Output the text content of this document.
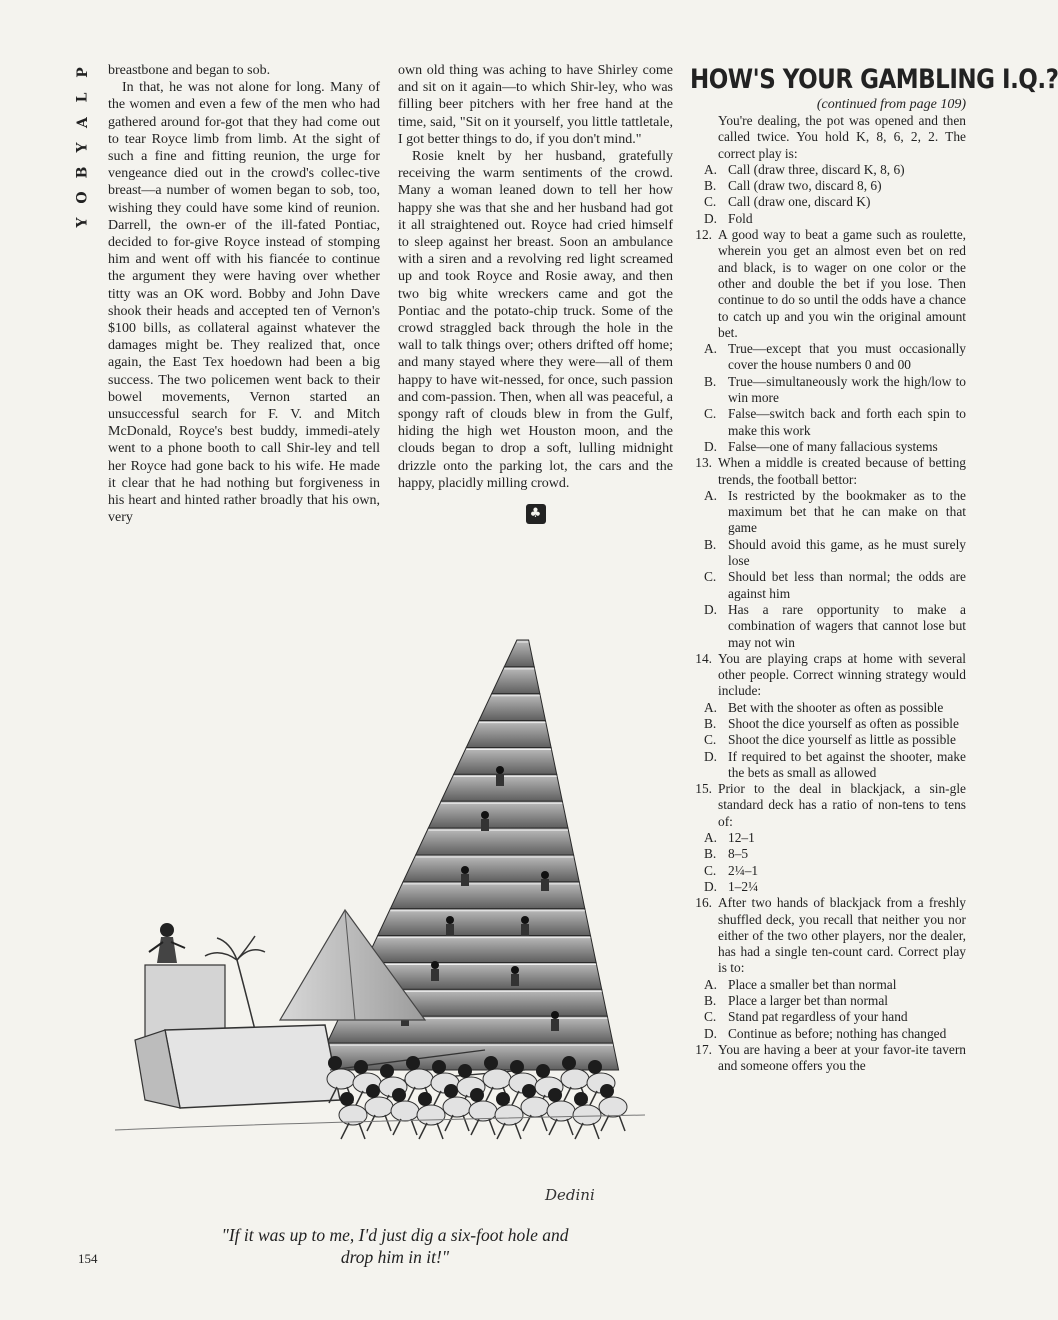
P
L
A
Y
B
O
Y

breastbone and began to sob.

In that, he was not alone for long. Many of the women and even a few of the men who had gathered around for-got that they had come out to tear Royce limb from limb. At the sight of such a fine and fitting reunion, the urge for vengeance died out in the crowd's collec-tive breast—a number of women began to sob, too, wishing they could have some kind of reunion. Darrell, the own-er of the ill-fated Pontiac, decided to for-give Royce instead of stomping him and went off with his fiancée to continue the argument they were having over whether titty was an OK word. Bobby and John Dave shook their heads and accepted ten of Vernon's $100 bills, as collateral against whatever the damages might be. They realized that, once again, the East Tex hoedown had been a big success. The two policemen went back to their bowel movements, Vernon started an unsuccessful search for F. V. and Mitch McDonald, Royce's best buddy, immedi-ately went to a phone booth to call Shir-ley and tell her Royce had gone back to his wife. He made it clear that he had nothing but forgiveness in his heart and hinted rather broadly that his own, very

own old thing was aching to have Shirley come and sit on it again—to which Shir-ley, who was filling beer pitchers with her free hand at the time, said, "Sit on it yourself, you little tattletale, I got better things to do, if you don't mind."

Rosie knelt by her husband, gratefully receiving the warm sentiments of the crowd. Many a woman leaned down to tell her how happy she was that she and her husband had got it all straightened out. Royce had cried himself to sleep against her breast. Soon an ambulance with a siren and a revolving red light screamed up and took Royce and Rosie away, and then two big white wreckers came and got the Pontiac and the potato-chip truck. Some of the crowd straggled back through the hole in the wall to talk things over; others drifted off home; and many stayed where they were—all of them happy to have wit-nessed, for once, such passion and com-passion. Then, when all was peaceful, a spongy raft of clouds blew in from the Gulf, hiding the high wet Houston moon, and the clouds began to drop a soft, lulling midnight drizzle onto the parking lot, the cars and the happy, placidly milling crowd.

♣
HOW'S YOUR GAMBLING I.Q.?

(continued from page 109)

You're dealing, the pot was opened and then called twice. You hold K, 8, 6, 2, 2. The correct play is:

A. Call (draw three, discard K, 8, 6)
B. Call (draw two, discard 8, 6)
C. Call (draw one, discard K)
D. Fold
12. A good way to beat a game such as roulette, wherein you get an almost even bet on red and black, is to wager on one color or the other and double the bet if you lose. Then continue to do so until the odds have a chance to catch up and you win the original amount bet.

A. True—except that you must occasionally cover the house numbers 0 and 00
B. True—simultaneously work the high/low to win more
C. False—switch back and forth each spin to make this work
D. False—one of many fallacious systems
13. When a middle is created because of betting trends, the football bettor:

A. Is restricted by the bookmaker as to the maximum bet that he can make on that game
B. Should avoid this game, as he must surely lose
C. Should bet less than normal; the odds are against him
D. Has a rare opportunity to make a combination of wagers that cannot lose but may not win
14. You are playing craps at home with several other people. Correct winning strategy would include:

A. Bet with the shooter as often as possible
B. Shoot the dice yourself as often as possible
C. Shoot the dice yourself as little as possible
D. If required to bet against the shooter, make the bets as small as allowed
15. Prior to the deal in blackjack, a sin-gle standard deck has a ratio of non-tens to tens of:

A. 12–1
B. 8–5
C. 2¼–1
D. 1–2¼
16. After two hands of blackjack from a freshly shuffled deck, you recall that neither you nor either of the two other players, nor the dealer, has had a single ten-count card. Correct play is to:

A. Place a smaller bet than normal
B. Place a larger bet than normal
C. Stand pat regardless of your hand
D. Continue as before; nothing has changed
17. You are having a beer at your favor-ite tavern and someone offers you the

Dedini

"If it was up to me, I'd just dig a six-foot hole and drop him in it!"

154
